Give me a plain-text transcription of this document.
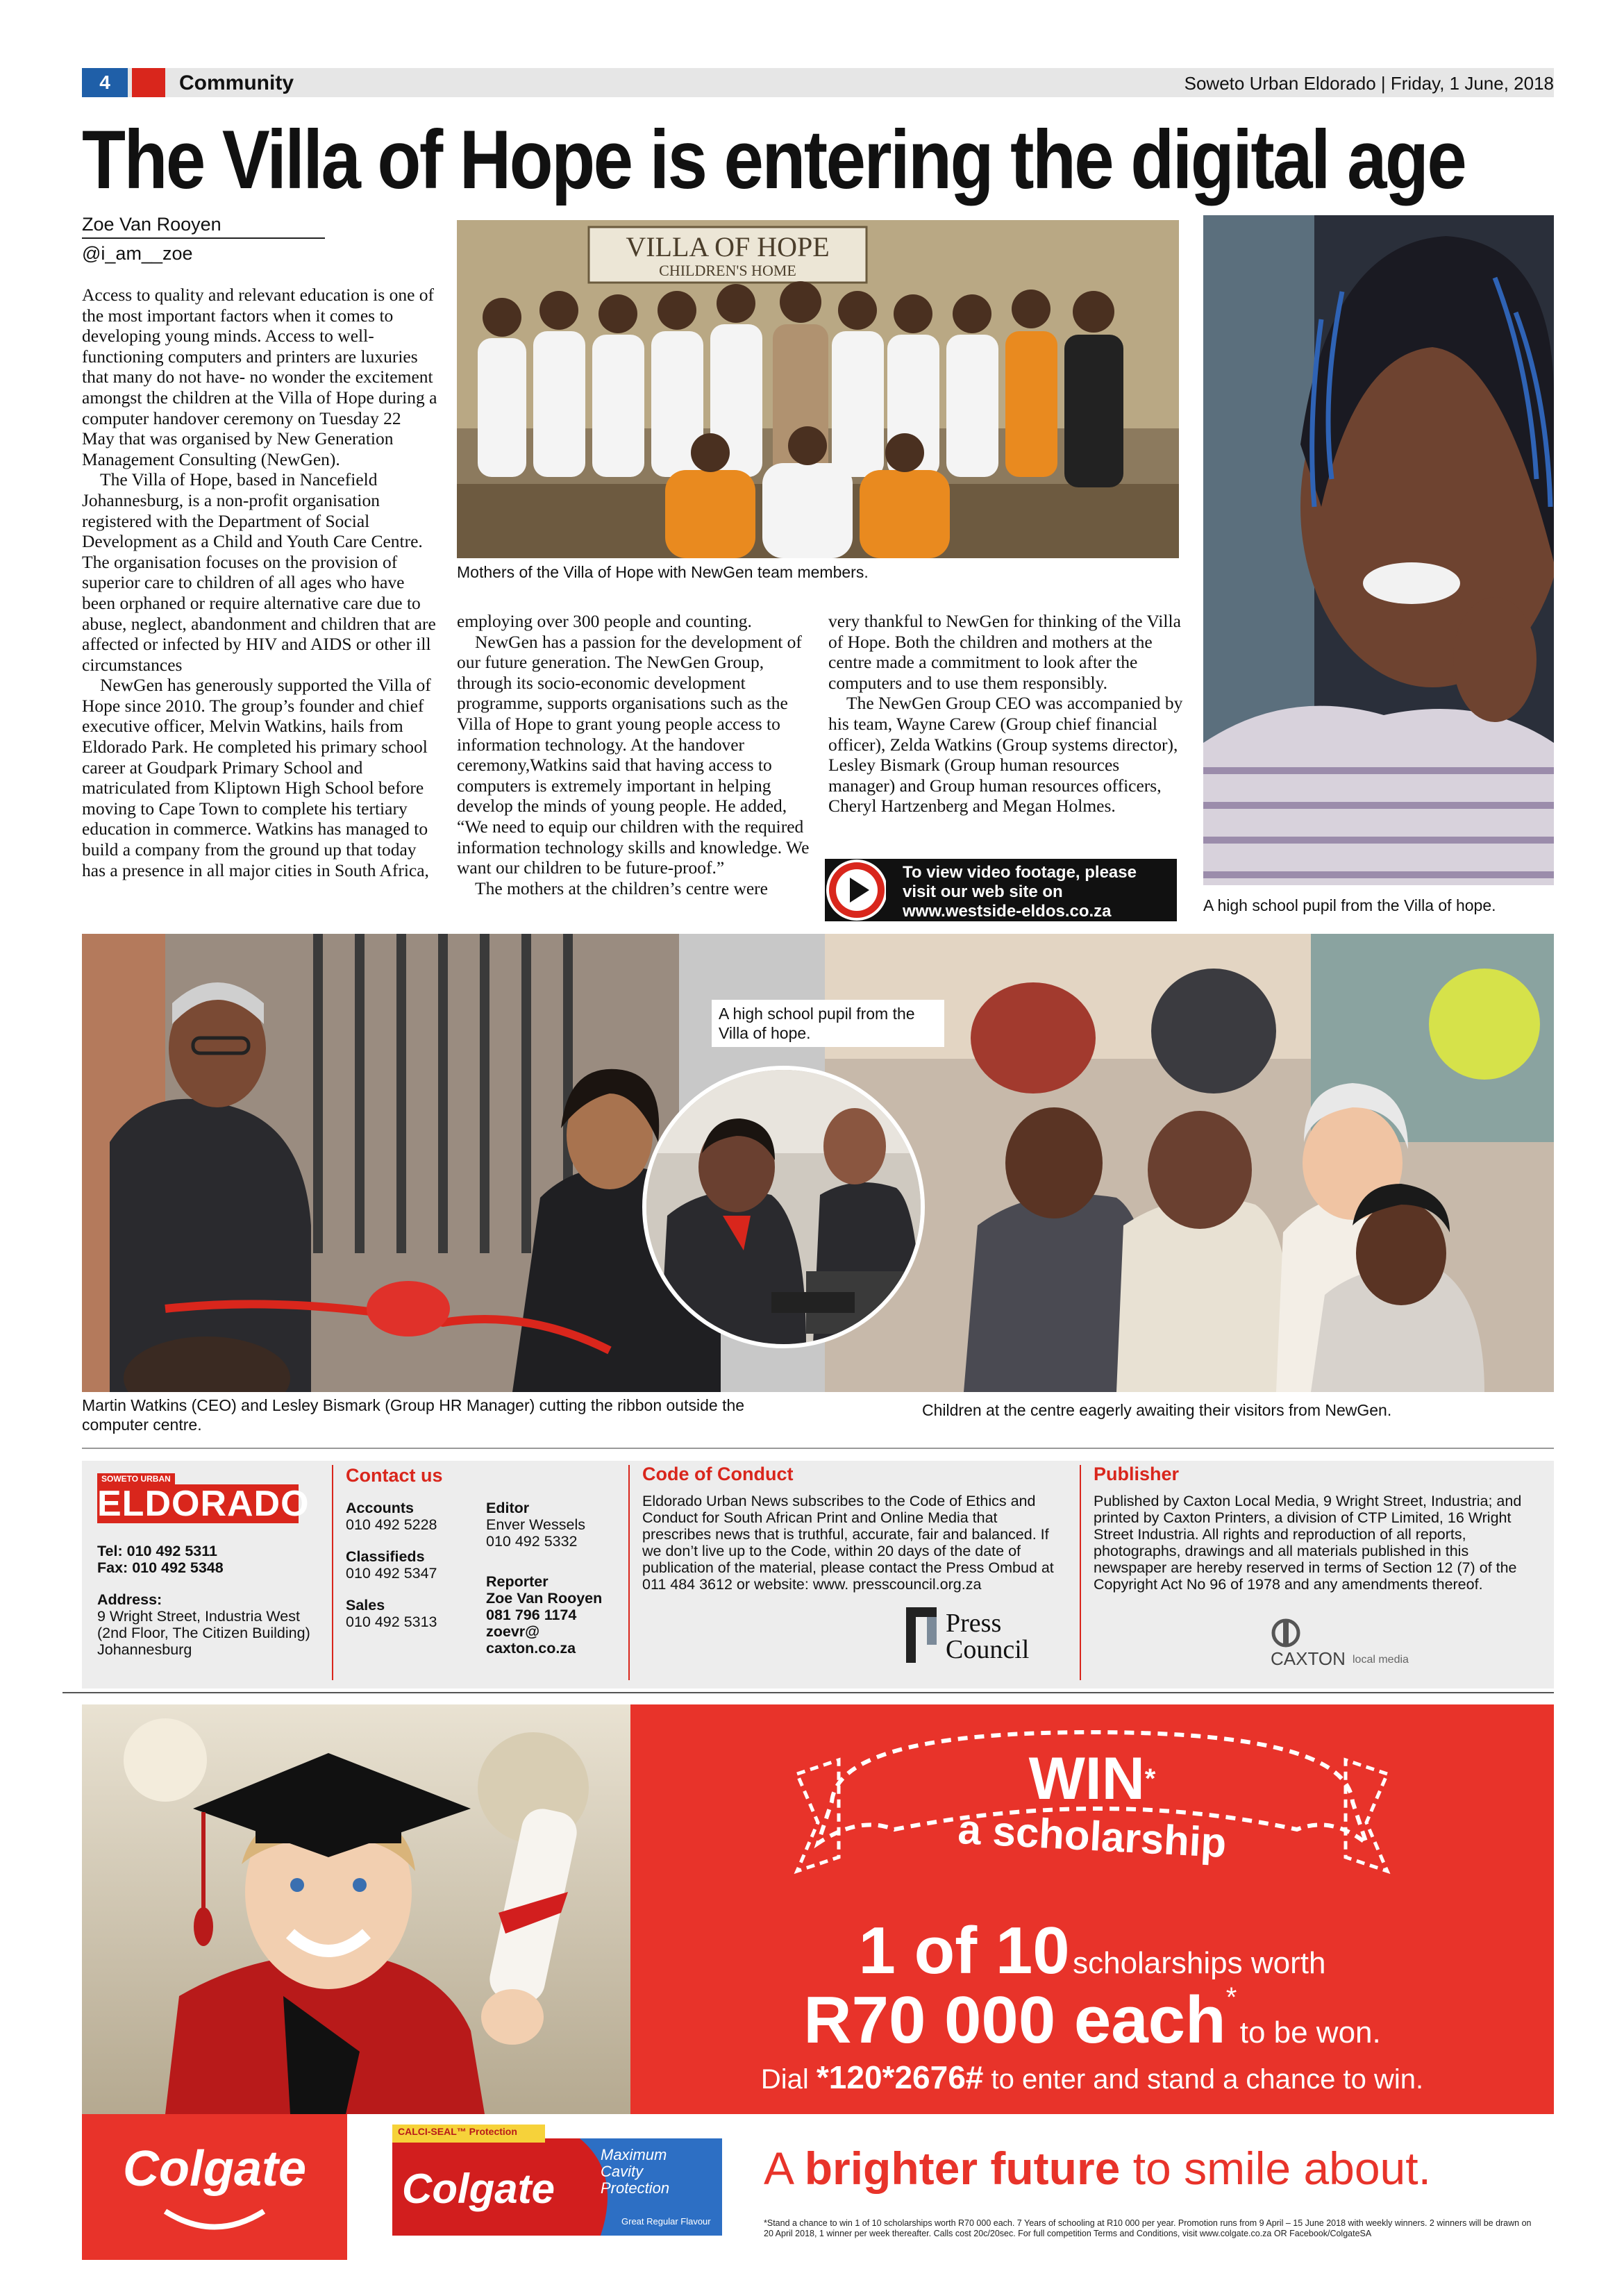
4	Community	Soweto Urban Eldorado | Friday, 1 June, 2018
The Villa of Hope is entering the digital age
Zoe Van Rooyen
@i_am__zoe

Access to quality and relevant education is one of the most important factors when it comes to developing young minds. Access to well-functioning computers and printers are luxuries that many do not have- no wonder the excitement amongst the children at the Villa of Hope during a computer handover ceremony on Tuesday 22 May that was organised by New Generation Management Consulting (NewGen).

The Villa of Hope, based in Nancefield Johannesburg, is a non-profit organisation registered with the Department of Social Development as a Child and Youth Care Centre. The organisation focuses on the provision of superior care to children of all ages who have been orphaned or require alternative care due to abuse, neglect, abandonment and children that are affected or infected by HIV and AIDS or other ill circumstances

NewGen has generously supported the Villa of Hope since 2010. The group’s founder and chief executive officer, Melvin Watkins, hails from Eldorado Park. He completed his primary school career at Goudpark Primary School and matriculated from Kliptown High School before moving to Cape Town to complete his tertiary education in commerce. Watkins has managed to build a company from the ground up that today has a presence in all major cities in South Africa,

employing over 300 people and counting.

NewGen has a passion for the development of our future generation. The NewGen Group, through its socio-economic development programme, supports organisations such as the Villa of Hope to grant young people access to information technology. At the handover ceremony,Watkins said that having access to computers is extremely important in helping develop the minds of young people. He added, “We need to equip our children with the required information technology skills and knowledge. We want our children to be future-proof.”

The mothers at the children’s centre were

very thankful to NewGen for thinking of the Villa of Hope. Both the children and mothers at the centre made a commitment to look after the computers and to use them responsibly.

The NewGen Group CEO was accompanied by his team, Wayne Carew (Group chief financial officer), Zelda Watkins (Group systems director), Lesley Bismark (Group human resources manager) and Group human resources officers, Cheryl Hartzenberg and Megan Holmes.

VILLA OF HOPE
CHILDREN'S HOME
Mothers of the Villa of Hope with NewGen team members.
A high school pupil from the Villa of hope.
To view video footage, please
visit our web site on
www.westside-eldos.co.za
Martin Watkins (CEO) and Lesley Bismark (Group HR Manager) cutting the ribbon outside the computer centre.
A high school pupil from the Villa of hope.
Children at the centre eagerly awaiting their visitors from NewGen.
SOWETO URBAN
ELDORADO
Tel: 010 492 5311
Fax: 010 492 5348
Address:
9 Wright Street, Industria West (2nd Floor, The Citizen Building) Johannesburg
Contact us
Accounts
010 492 5228
Classifieds
010 492 5347
Sales
010 492 5313
Editor
Enver Wessels
010 492 5332
Reporter
Zoe Van Rooyen
081 796 1174
zoevr@
caxton.co.za
Code of Conduct
Eldorado Urban News subscribes to the Code of Ethics and Conduct for South African Print and Online Media that prescribes news that is truthful, accurate, fair and balanced. If we don’t live up to the Code, within 20 days of the date of publication of the material, please contact the Press Ombud at 011 484 3612 or website: www. presscouncil.org.za
Press
Council
Publisher
Published by Caxton Local Media, 9 Wright Street, Industria; and printed by Caxton Printers, a division of CTP Limited, 16 Wright Street Industria. All rights and reproduction of all reports, photographs, drawings and all materials published in this newspaper are hereby reserved in terms of Section 12 (7) of the Copyright Act No 96 of 1978 and any amendments thereof.
CAXTON local media
WIN*
a scholarship
1 of 10 scholarships worth
R70 000 each* to be won.
Dial *120*2676# to enter and stand a chance to win.
Colgate
CALCI-SEAL™ Protection
Colgate
Maximum
Cavity
Protection
Great Regular Flavour
A brighter future to smile about.
*Stand a chance to win 1 of 10 scholarships worth R70 000 each. 7 Years of schooling at R10 000 per year. Promotion runs from 9 April – 15 June 2018 with weekly winners. 2 winners will be drawn on 20 April 2018, 1 winner per week thereafter. Calls cost 20c/20sec. For full competition Terms and Conditions, visit www.colgate.co.za OR Facebook/ColgateSA
